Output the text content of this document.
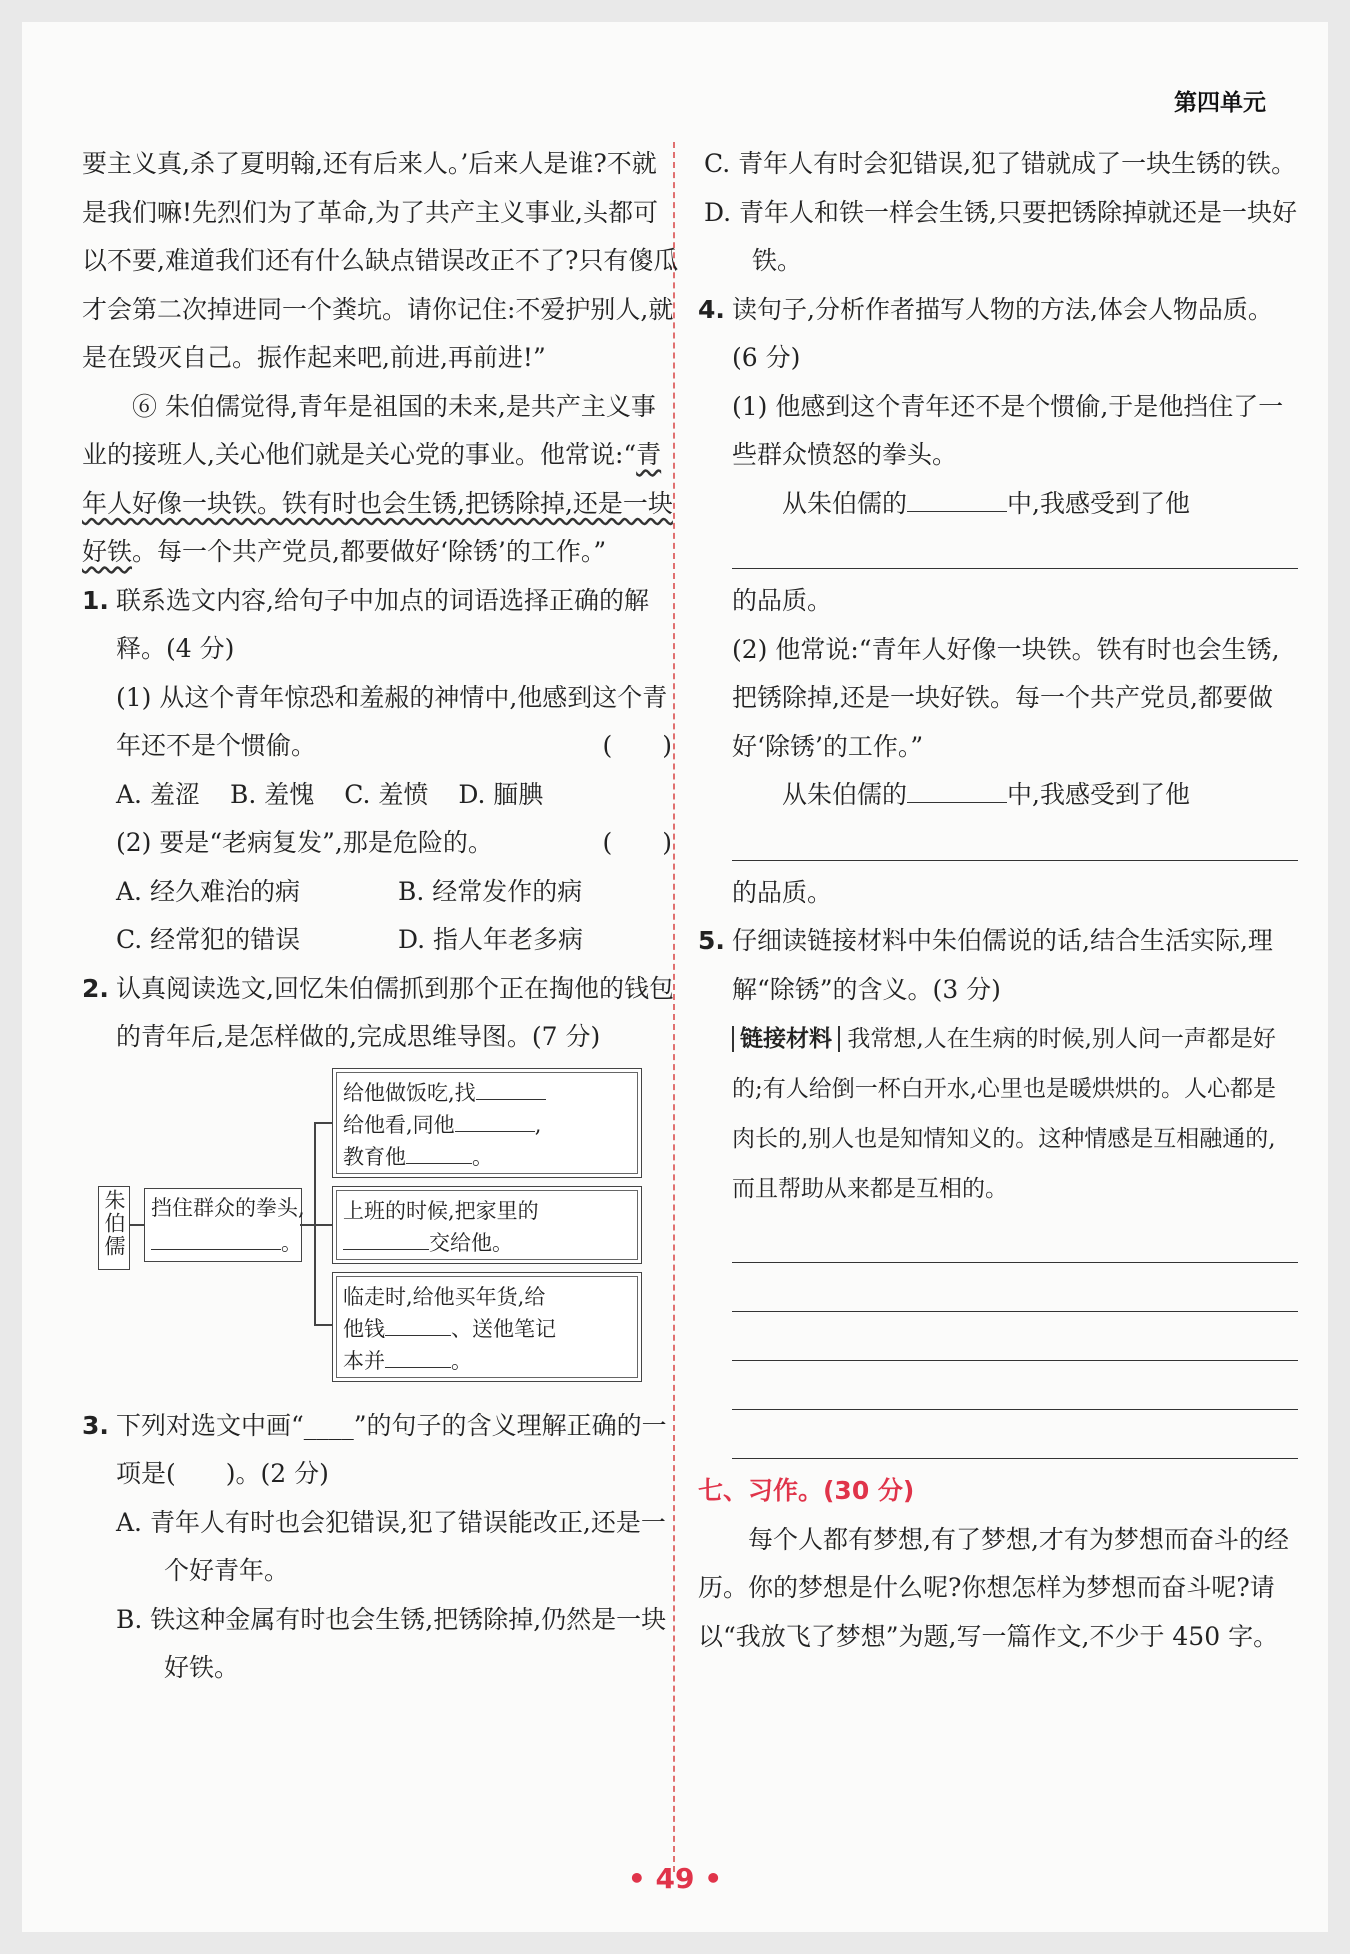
第四单元

要主义真,杀了夏明翰,还有后来人。’后来人是谁?不就是我们嘛!先烈们为了革命,为了共产主义事业,头都可以不要,难道我们还有什么缺点错误改正不了?只有傻瓜才会第二次掉进同一个粪坑。请你记住:不爱护别人,就是在毁灭自己。振作起来吧,前进,再前进!”

⑥ 朱伯儒觉得,青年是祖国的未来,是共产主义事业的接班人,关心他们就是关心党的事业。他常说:“青年人好像一块铁。铁有时也会生锈,把锈除掉,还是一块好铁。每一个共产党员,都要做好‘除锈’的工作。”

1. 联系选文内容,给句子中加点的词语选择正确的解释。(4 分)

(1) 从这个青年惊恐和羞赧的神情中,他感到这个青年还不是个惯偷。	(　　)

A. 羞涩 B. 羞愧 C. 羞愤 D. 腼腆

(2) 要是“老病复发”,那是危险的。	(　　)

A. 经久难治的病	B. 经常发作的病
C. 经常犯的错误	D. 指人年老多病
2. 认真阅读选文,回忆朱伯儒抓到那个正在掏他的钱包的青年后,是怎样做的,完成思维导图。(7 分)

朱伯儒 挡住群众的拳头,
。
给他做饭吃,找
给他看,同他	,
教育他	。
上班的时候,把家里的
交给他。
临走时,给他买年货,给
他钱	、送他笔记
本并	。
3. 下列对选文中画“____”的句子的含义理解正确的一项是(　　)。(2 分)

A. 青年人有时也会犯错误,犯了错误能改正,还是一个好青年。
B. 铁这种金属有时也会生锈,把锈除掉,仍然是一块好铁。
C. 青年人有时会犯错误,犯了错就成了一块生锈的铁。
D. 青年人和铁一样会生锈,只要把锈除掉就还是一块好铁。
4. 读句子,分析作者描写人物的方法,体会人物品质。(6 分)

(1) 他感到这个青年还不是个惯偷,于是他挡住了一些群众愤怒的拳头。

从朱伯儒的	中,我感受到了他

的品质。

(2) 他常说:“青年人好像一块铁。铁有时也会生锈,把锈除掉,还是一块好铁。每一个共产党员,都要做好‘除锈’的工作。”

从朱伯儒的	中,我感受到了他

的品质。

5. 仔细读链接材料中朱伯儒说的话,结合生活实际,理解“除锈”的含义。(3 分)

链接材料 我常想,人在生病的时候,别人问一声都是好的;有人给倒一杯白开水,心里也是暖烘烘的。人心都是肉长的,别人也是知情知义的。这种情感是互相融通的,而且帮助从来都是互相的。

七、习作。(30 分)

每个人都有梦想,有了梦想,才有为梦想而奋斗的经历。你的梦想是什么呢?你想怎样为梦想而奋斗呢?请以“我放飞了梦想”为题,写一篇作文,不少于 450 字。

• 49 •
